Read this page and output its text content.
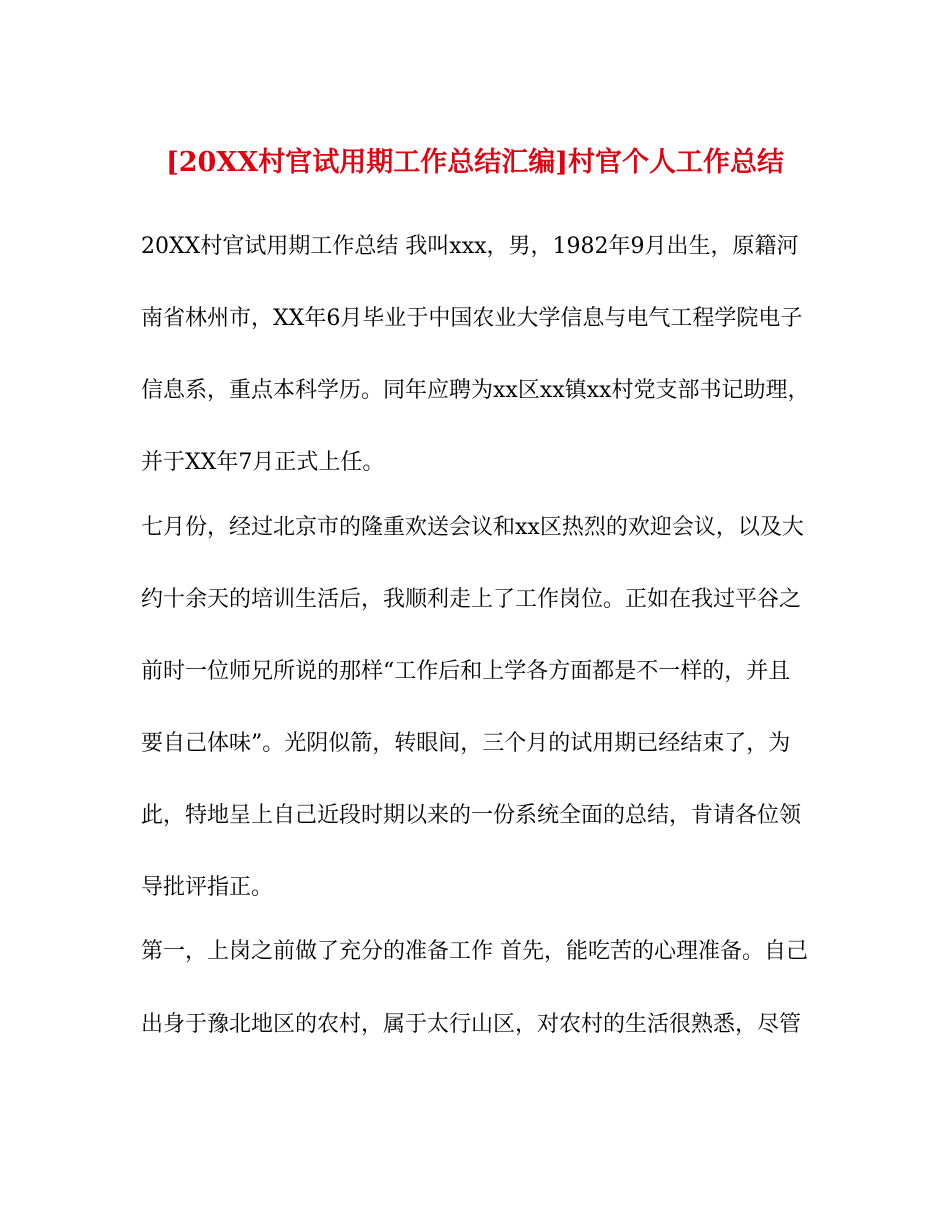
[20XX村官试用期工作总结汇编]村官个人工作总结
20XX村官试用期工作总结 我叫xxx，男，1982年9月出生，原籍河
南省林州市，XX年6月毕业于中国农业大学信息与电气工程学院电子
信息系，重点本科学历。同年应聘为xx区xx镇xx村党支部书记助理，
并于XX年7月正式上任。
七月份，经过北京市的隆重欢送会议和xx区热烈的欢迎会议，以及大
约十余天的培训生活后，我顺利走上了工作岗位。正如在我过平谷之
前时一位师兄所说的那样“工作后和上学各方面都是不一样的，并且
要自己体味”。光阴似箭，转眼间，三个月的试用期已经结束了，为
此，特地呈上自己近段时期以来的一份系统全面的总结，肯请各位领
导批评指正。
第一，上岗之前做了充分的准备工作 首先，能吃苦的心理准备。自己
出身于豫北地区的农村，属于太行山区，对农村的生活很熟悉，尽管
